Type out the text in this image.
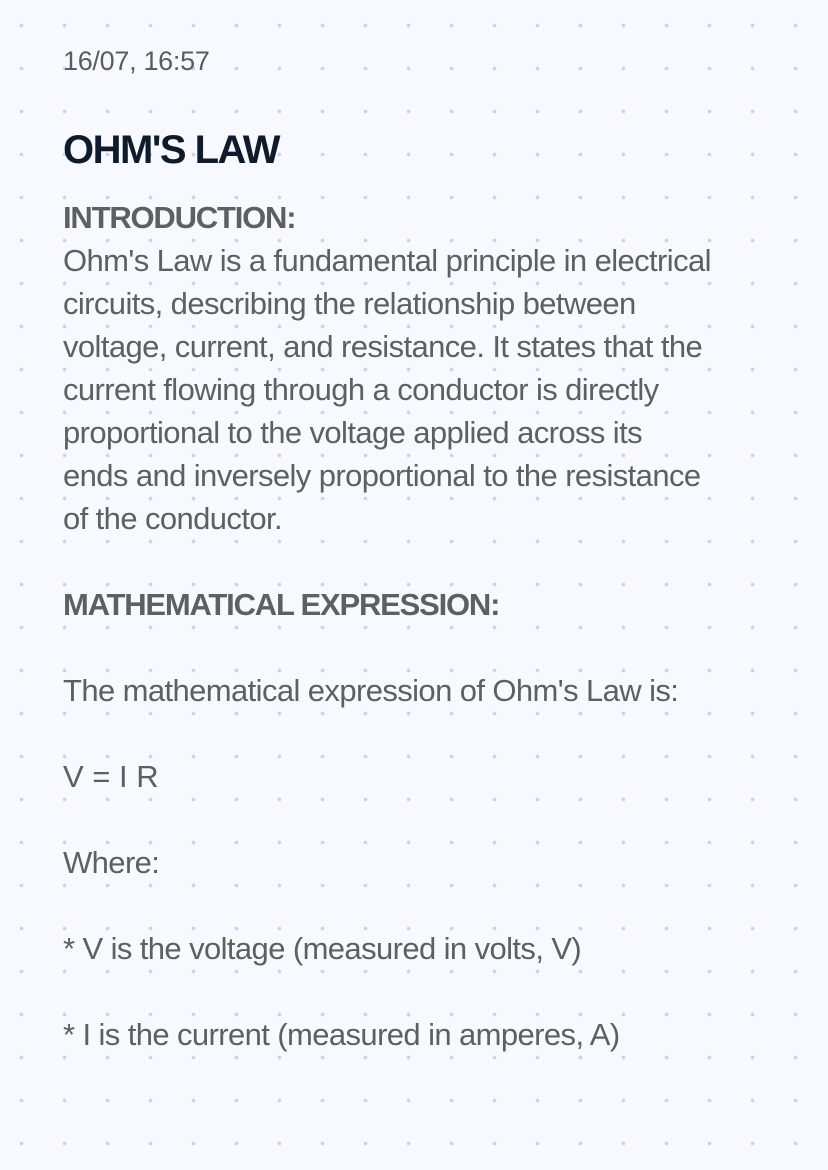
16/07, 16:57
OHM'S LAW

INTRODUCTION:

Ohm's Law is a fundamental principle in electrical

circuits, describing the relationship between

voltage, current, and resistance. It states that the

current flowing through a conductor is directly

proportional to the voltage applied across its

ends and inversely proportional to the resistance

of the conductor.

MATHEMATICAL EXPRESSION:

The mathematical expression of Ohm's Law is:

V = I R

Where:

* V is the voltage (measured in volts, V)

* I is the current (measured in amperes, A)
